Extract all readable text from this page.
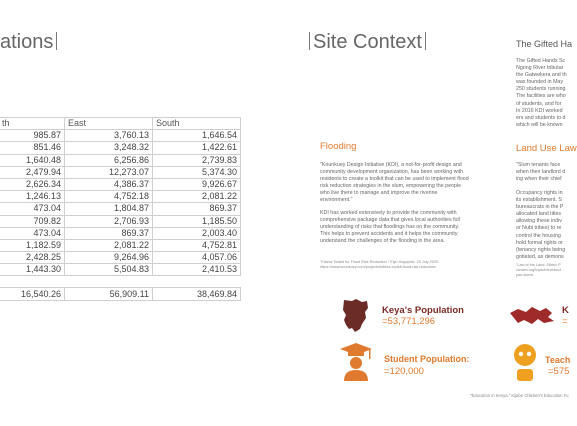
ations
th	East	South
985.87	3,760.13	1,646.54
851.46	3,248.32	1,422.61
1,640.48	6,256.86	2,739.83
2,479.94	12,273.07	5,374.30
2,626.34	4,386.37	9,926.67
1,246.13	4,752.18	2,081.22
473.04	1,804.87	869.37
709.82	2,706.93	1,185.50
473.04	869.37	2,003.40
1,182.59	2,081.22	4,752.81
2,428.25	9,264.96	4,057.06
1,443.30	5,504.83	2,410.53

16,540.26	56,909.11	38,469.84
Site Context
Flooding
"Kounkuey Design Initiative (KDI), a not-for-profit design and community development organization, has been working with residents to create a toolkit that can be used to implement flood risk reduction strategies in the slum, empowering the people who live there to manage and improve the riverine environment."
KDI has worked extensively to provide the community with comprehensive package data that gives local authorities full understanding of risks that floodings has on the community. This helps to prevent accidents and it helps the community understand the challenges of the flooding in the area.
"Kibera Toolkit for Flood Risk Reduction." Elyn Hagopick. 29 July 2020. https://www.kounkuey.com/projects/kibera-toolkit-flood-risk-reduction/
The Gifted Ha
The Gifted Hands Sc
Ngong River tributar
the Gatwekera and th
was founded in May
250 students running
The facilities are who
of students, and for
In 2016 KDI worked
ers and students to d
which will be known
Land Use Law
"Slum tenants face
when their landlord d
ing when their chief
Occupancy rights in
its establishment. S
bureaucrats in the P
allocated land titles
allowing these indiv
or Nubi tribes) to re
control the housing
hold formal rights or
(tenancy rights being
gotiated, as demons
"Law of the Land: Ethnic P
voxdev.org/topic/infrastruct
yan-slums
Keya's Population
=53,771,296
K
=
Student Population:
=120,000
Teach
=575
"Education in Kenya." Kijabe Children's Education Fu
